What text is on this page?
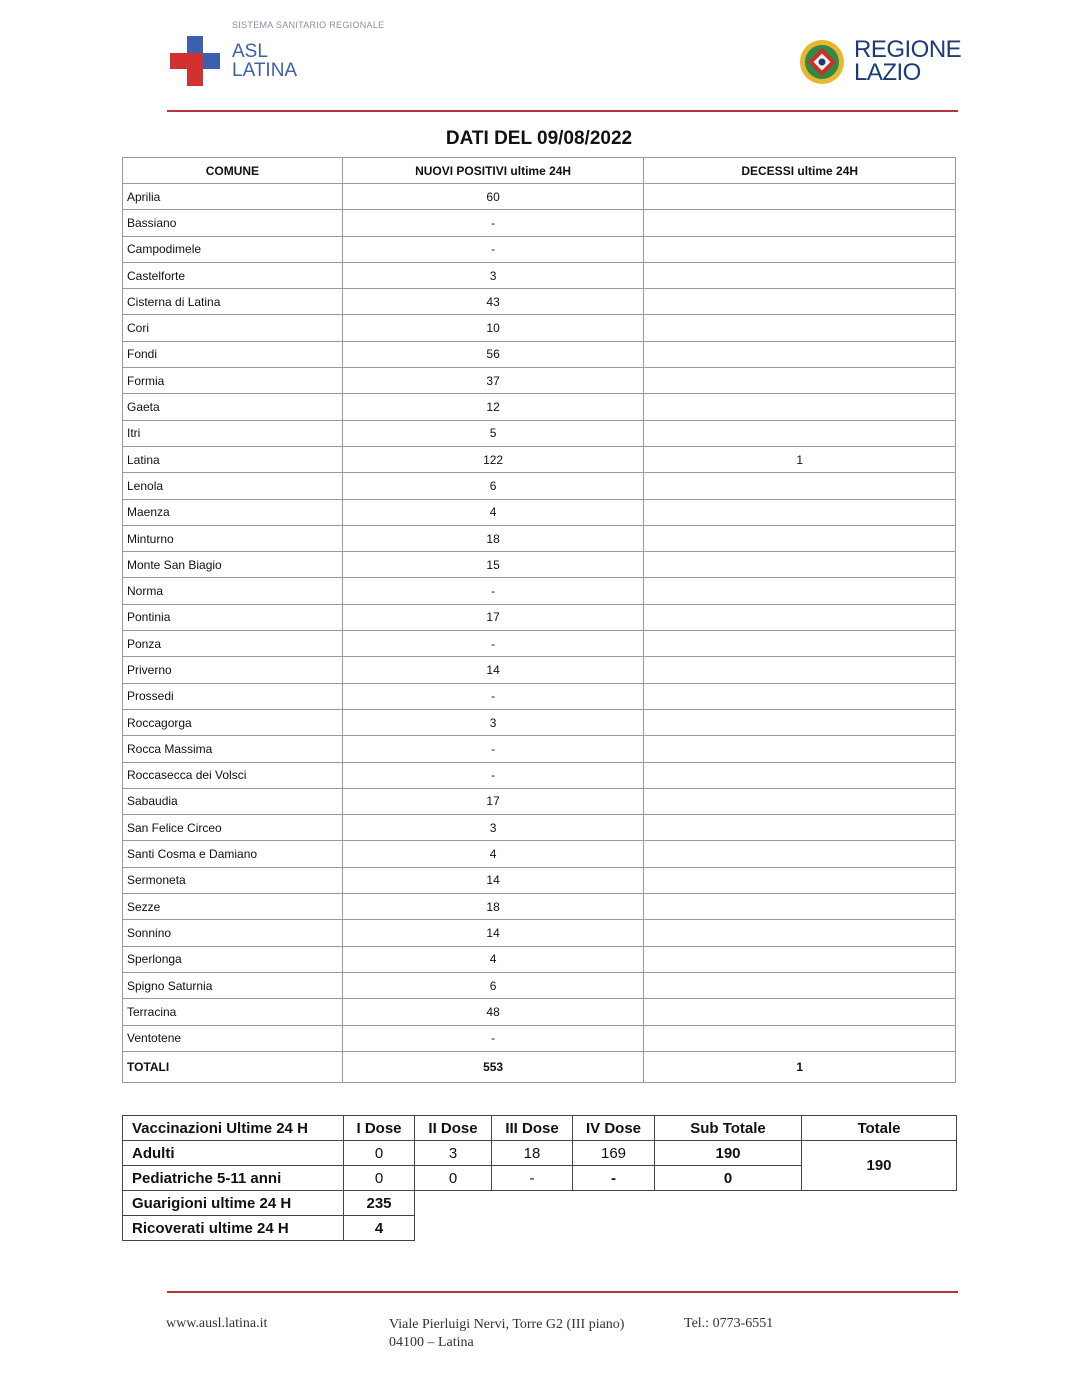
SISTEMA SANITARIO REGIONALE
ASL
LATINA
REGIONE
LAZIO
DATI DEL 09/08/2022
COMUNE	NUOVI POSITIVI ultime 24H	DECESSI ultime 24H
Aprilia	60	
Bassiano	-	
Campodimele	-	
Castelforte	3	
Cisterna di Latina	43	
Cori	10	
Fondi	56	
Formia	37	
Gaeta	12	
Itri	5	
Latina	122	1
Lenola	6	
Maenza	4	
Minturno	18	
Monte San Biagio	15	
Norma	-	
Pontinia	17	
Ponza	-	
Priverno	14	
Prossedi	-	
Roccagorga	3	
Rocca Massima	-	
Roccasecca dei Volsci	-	
Sabaudia	17	
San Felice Circeo	3	
Santi Cosma e Damiano	4	
Sermoneta	14	
Sezze	18	
Sonnino	14	
Sperlonga	4	
Spigno Saturnia	6	
Terracina	48	
Ventotene	-	
TOTALI	553	1
Vaccinazioni Ultime 24 H	I Dose	II Dose	III Dose	IV Dose	Sub Totale	Totale
Adulti	0	3	18	169	190	190
Pediatriche 5-11 anni	0	0	-	-	0	
Guarigioni ultime 24 H	235					
Ricoverati ultime 24 H	4					
www.ausl.latina.it	Viale Pierluigi Nervi, Torre G2 (III piano)
04100 – Latina
Tel.: 0773-6551
